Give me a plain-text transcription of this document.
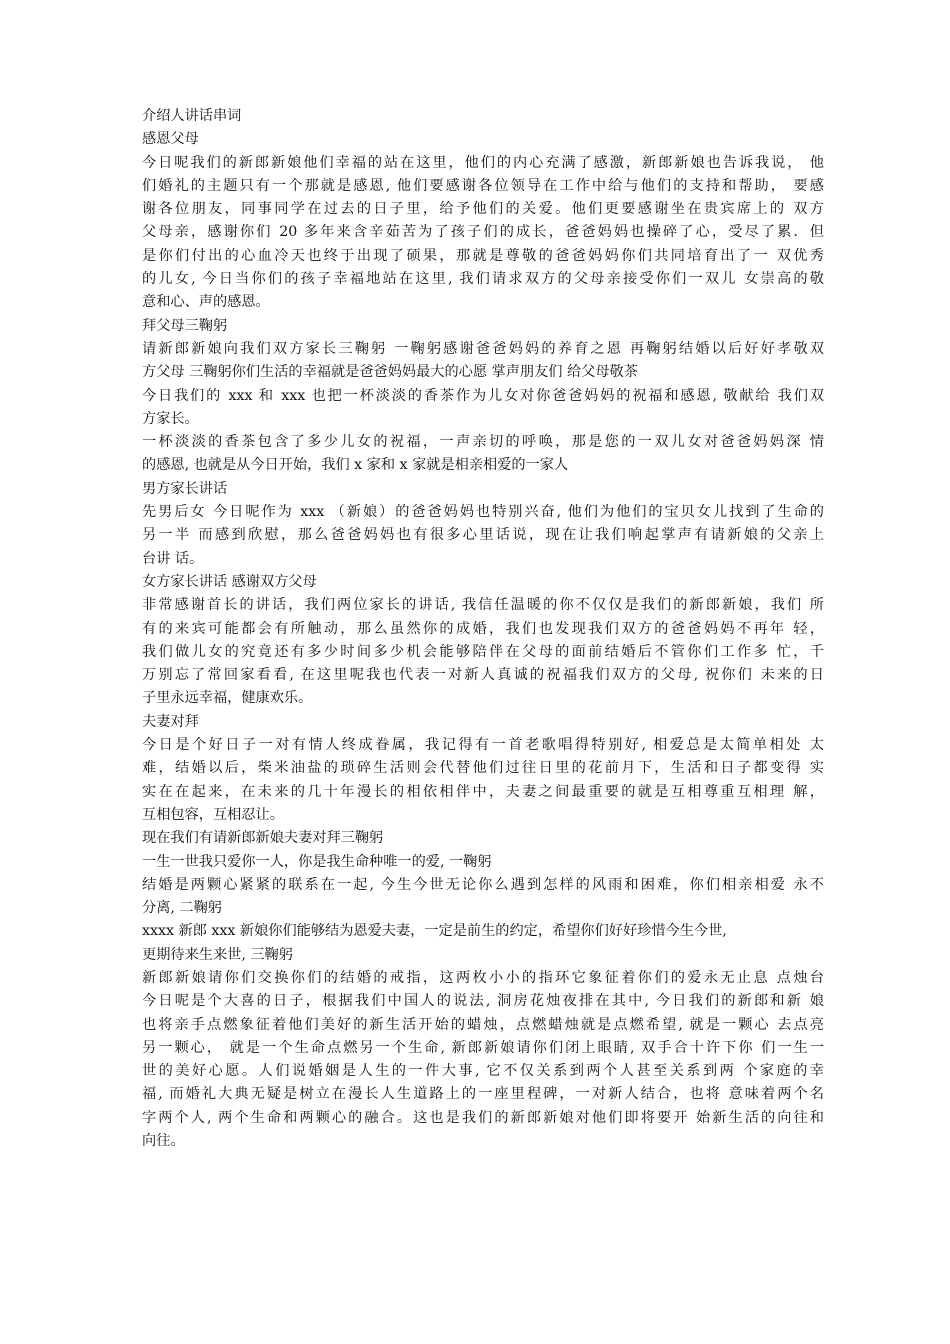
介绍人讲话串词
感恩父母
今日呢我们的新郎新娘他们幸福的站在这里，他们的内心充满了感激，新郎新娘也告诉我说， 他
们婚礼的主题只有一个那就是感恩, 他们要感谢各位领导在工作中给与他们的支持和帮助， 要感
谢各位朋友，同事同学在过去的日子里，给予他们的关爱。他们更要感谢坐在贵宾席上的 双方
父母亲，感谢你们 20 多年来含辛茹苦为了孩子们的成长，爸爸妈妈也操碎了心，受尽了累．但
是你们付出的心血冷天也终于出现了硕果，那就是尊敬的爸爸妈妈你们共同培育出了一 双优秀
的儿女, 今日当你们的孩子幸福地站在这里, 我们请求双方的父母亲接受你们一双儿 女崇高的敬
意和心、声的感恩。
拜父母三鞠躬
请新郎新娘向我们双方家长三鞠躬 一鞠躬感谢爸爸妈妈的养育之恩 再鞠躬结婚以后好好孝敬双
方父母 三鞠躬你们生活的幸福就是爸爸妈妈最大的心愿 掌声朋友们 给父母敬茶
今日我们的 xxx 和 xxx 也把一杯淡淡的香茶作为儿女对你爸爸妈妈的祝福和感恩, 敬献给 我们双
方家长。
一杯淡淡的香茶包含了多少儿女的祝福，一声亲切的呼唤，那是您的一双儿女对爸爸妈妈深 情
的感恩, 也就是从今日开始，我们 x 家和 x 家就是相亲相爱的一家人
男方家长讲话
先男后女 今日呢作为 xxx （新娘）的爸爸妈妈也特别兴奋, 他们为他们的宝贝女儿找到了生命的
另一半 而感到欣慰，那么爸爸妈妈也有很多心里话说，现在让我们响起掌声有请新娘的父亲上
台讲 话。
女方家长讲话 感谢双方父母
非常感谢首长的讲话，我们两位家长的讲话, 我信任温暖的你不仅仅是我们的新郎新娘，我们 所
有的来宾可能都会有所触动，那么虽然你的成婚，我们也发现我们双方的爸爸妈妈不再年 轻，
我们做儿女的究竟还有多少时间多少机会能够陪伴在父母的面前结婚后不管你们工作多 忙，千
万别忘了常回家看看, 在这里呢我也代表一对新人真诚的祝福我们双方的父母, 祝你们 未来的日
子里永远幸福，健康欢乐。
夫妻对拜
今日是个好日子一对有情人终成眷属，我记得有一首老歌唱得特别好, 相爱总是太简单相处 太
难，结婚以后，柴米油盐的琐碎生活则会代替他们过往日里的花前月下，生活和日子都变得 实
实在在起来，在未来的几十年漫长的相依相伴中，夫妻之间最重要的就是互相尊重互相理 解，
互相包容，互相忍让。
现在我们有请新郎新娘夫妻对拜三鞠躬
一生一世我只爱你一人，你是我生命种唯一的爱, 一鞠躬
结婚是两颗心紧紧的联系在一起, 今生今世无论你么遇到怎样的风雨和困难，你们相亲相爱 永不
分离, 二鞠躬
xxxx 新郎 xxx 新娘你们能够结为恩爱夫妻，一定是前生的约定，希望你们好好珍惜今生今世,
更期待来生来世, 三鞠躬
新郎新娘请你们交换你们的结婚的戒指，这两枚小小的指环它象征着你们的爱永无止息 点烛台
今日呢是个大喜的日子，根据我们中国人的说法, 洞房花烛夜排在其中, 今日我们的新郎和新 娘
也将亲手点燃象征着他们美好的新生活开始的蜡烛，点燃蜡烛就是点燃希望, 就是一颗心 去点亮
另一颗心， 就是一个生命点燃另一个生命, 新郎新娘请你们闭上眼睛, 双手合十许下你 们一生一
世的美好心愿。人们说婚姻是人生的一件大事, 它不仅关系到两个人甚至关系到两 个家庭的幸
福, 而婚礼大典无疑是树立在漫长人生道路上的一座里程碑，一对新人结合，也将 意味着两个名
字两个人, 两个生命和两颗心的融合。这也是我们的新郎新娘对他们即将要开 始新生活的向往和
向往。
